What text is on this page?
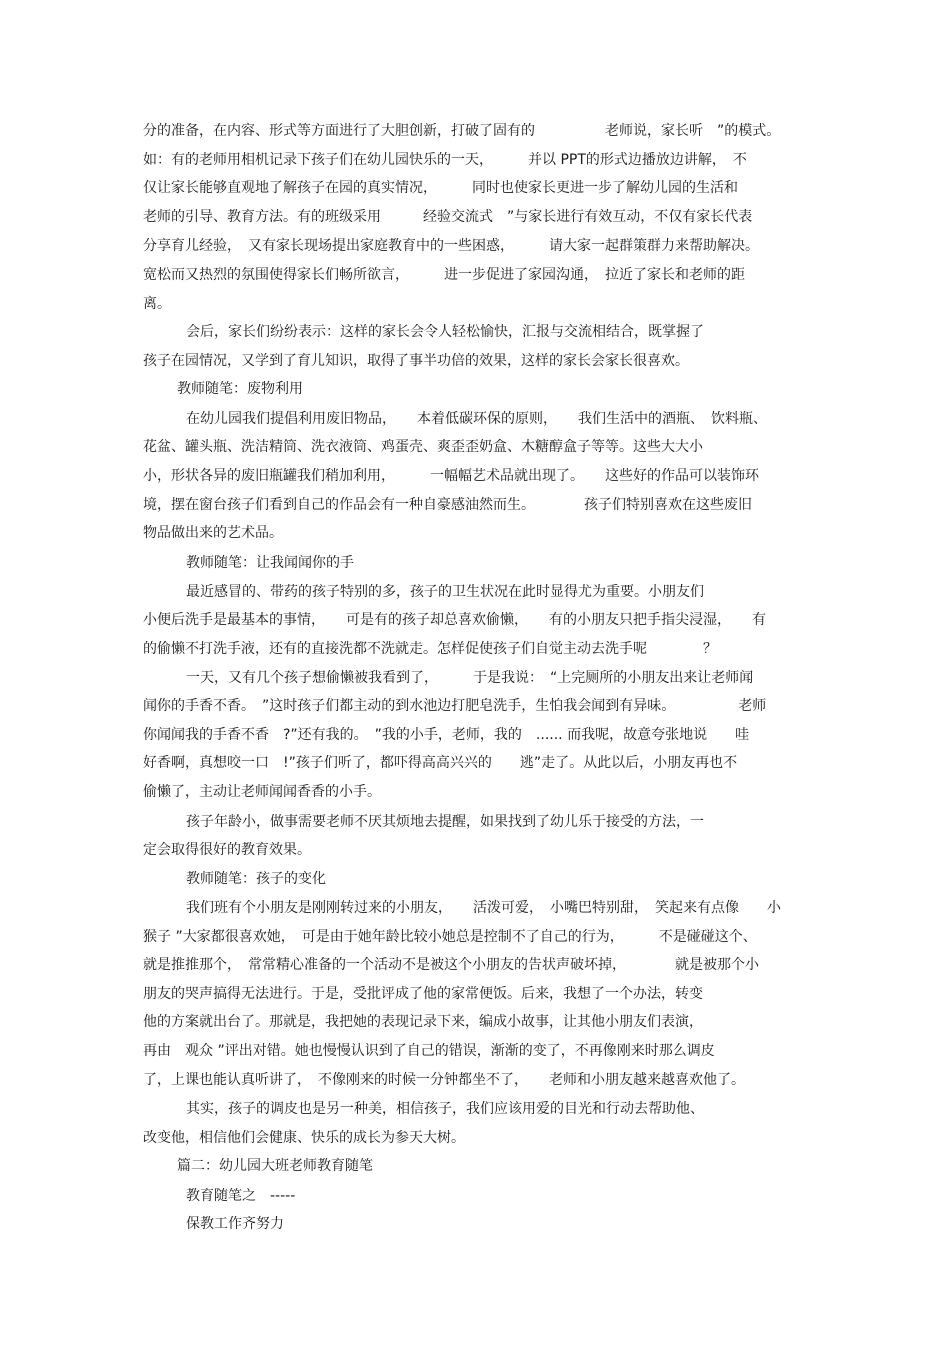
分的准备，在内容、形式等方面进行了大胆创新，打破了固有的　　　　　老师说，家长听　”的模式。
如：有的老师用相机记录下孩子们在幼儿园快乐的一天，　　　并以 PPT的形式边播放边讲解，　不
仅让家长能够直观地了解孩子在园的真实情况，　　　同时也使家长更进一步了解幼儿园的生活和
老师的引导、教育方法。有的班级采用　　　经验交流式　”与家长进行有效互动，不仅有家长代表
分享育儿经验，　又有家长现场提出家庭教育中的一些困惑，　　　请大家一起群策群力来帮助解决。
宽松而又热烈的氛围使得家长们畅所欲言，　　　进一步促进了家园沟通，　拉近了家长和老师的距
离。
会后，家长们纷纷表示：这样的家长会令人轻松愉快，汇报与交流相结合，既掌握了
孩子在园情况，又学到了育儿知识，取得了事半功倍的效果，这样的家长会家长很喜欢。
教师随笔：废物利用
在幼儿园我们提倡利用废旧物品，　　本着低碳环保的原则，　　我们生活中的酒瓶、　饮料瓶、
花盆、罐头瓶、洗洁精筒、洗衣液筒、鸡蛋壳、爽歪歪奶盒、木糖醇盒子等等。这些大大小
小，形状各异的废旧瓶罐我们稍加利用，　　　一幅幅艺术品就出现了。　　这些好的作品可以装饰环
境，摆在窗台孩子们看到自己的作品会有一种自豪感油然而生。　　　　孩子们特别喜欢在这些废旧
物品做出来的艺术品。
教师随笔：让我闻闻你的手
最近感冒的、带药的孩子特别的多，孩子的卫生状况在此时显得尤为重要。小朋友们
小便后洗手是最基本的事情，　　可是有的孩子却总喜欢偷懒，　　有的小朋友只把手指尖浸湿，　　有
的偷懒不打洗手液，还有的直接洗都不洗就走。怎样促使孩子们自觉主动去洗手呢　　　　？
一天，又有几个孩子想偷懒被我看到了，　　　于是我说：　“上完厕所的小朋友出来让老师闻
闻你的手香不香。　”这时孩子们都主动的到水池边打肥皂洗手，生怕我会闻到有异味。　　　　　老师
你闻闻我的手香不香　?”还有我的。　”我的小手，老师，我的　...... 而我呢，故意夸张地说　　哇
好香啊，真想咬一口　!”孩子们听了，都吓得高高兴兴的　　逃”走了。从此以后，小朋友再也不
偷懒了，主动让老师闻闻香香的小手。
孩子年龄小，做事需要老师不厌其烦地去提醒，如果找到了幼儿乐于接受的方法，一
定会取得很好的教育效果。
教师随笔：孩子的变化
我们班有个小朋友是刚刚转过来的小朋友，　　活泼可爱，　小嘴巴特别甜，　笑起来有点像　　小
猴子 ”大家都很喜欢她，　可是由于她年龄比较小她总是控制不了自己的行为，　　　不是碰碰这个、
就是推推那个，　常常精心准备的一个活动不是被这个小朋友的告状声破坏掉，　　　　就是被那个小
朋友的哭声搞得无法进行。于是，受批评成了他的家常便饭。后来，我想了一个办法，转变
他的方案就出台了。那就是，我把她的表现记录下来，编成小故事，让其他小朋友们表演，
再由　观众 ”评出对错。她也慢慢认识到了自己的错误，渐渐的变了，不再像刚来时那么调皮
了，上课也能认真听讲了，　不像刚来的时候一分钟都坐不了，　　老师和小朋友越来越喜欢他了。
其实，孩子的调皮也是另一种美，相信孩子，我们应该用爱的目光和行动去帮助他、
改变他，相信他们会健康、快乐的成长为参天大树。
篇二：幼儿园大班老师教育随笔
教育随笔之　-----
保教工作齐努力
